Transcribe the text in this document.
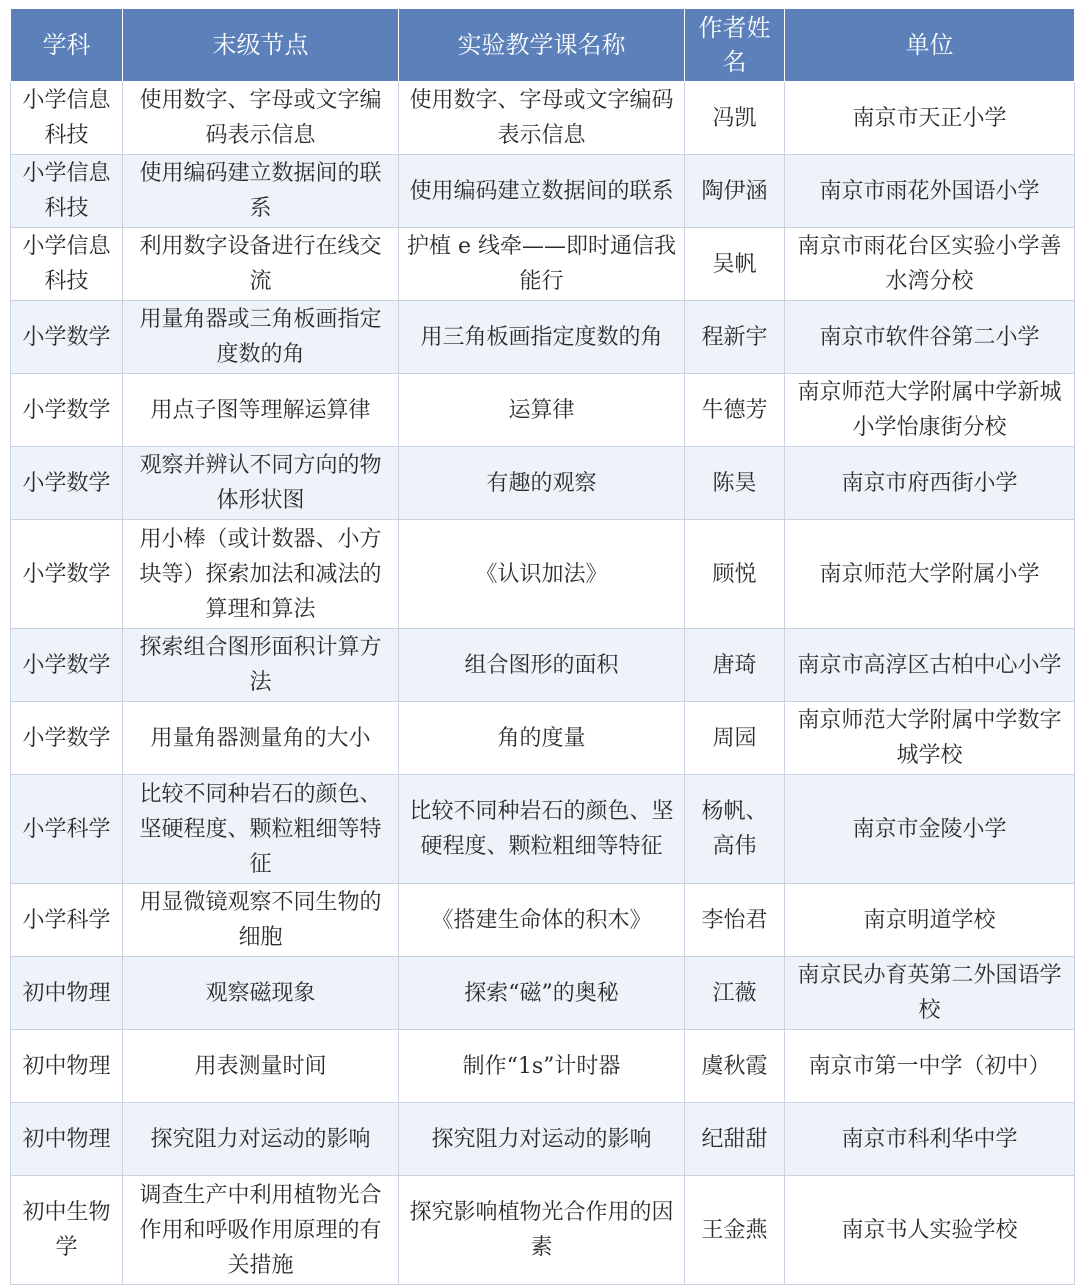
学科	末级节点	实验教学课名称	作者姓名	单位
小学信息科技	使用数字、字母或文字编码表示信息	使用数字、字母或文字编码表示信息	冯凯	南京市天正小学
小学信息科技	使用编码建立数据间的联系	使用编码建立数据间的联系	陶伊涵	南京市雨花外国语小学
小学信息科技	利用数字设备进行在线交流	护植 e 线牵——即时通信我能行	吴帆	南京市雨花台区实验小学善水湾分校
小学数学	用量角器或三角板画指定度数的角	用三角板画指定度数的角	程新宇	南京市软件谷第二小学
小学数学	用点子图等理解运算律	运算律	牛德芳	南京师范大学附属中学新城小学怡康街分校
小学数学	观察并辨认不同方向的物体形状图	有趣的观察	陈昊	南京市府西街小学
小学数学	用小棒（或计数器、小方块等）探索加法和减法的算理和算法	《认识加法》	顾悦	南京师范大学附属小学
小学数学	探索组合图形面积计算方法	组合图形的面积	唐琦	南京市高淳区古柏中心小学
小学数学	用量角器测量角的大小	角的度量	周园	南京师范大学附属中学数字城学校
小学科学	比较不同种岩石的颜色、坚硬程度、颗粒粗细等特征	比较不同种岩石的颜色、坚硬程度、颗粒粗细等特征	杨帆、高伟	南京市金陵小学
小学科学	用显微镜观察不同生物的细胞	《搭建生命体的积木》	李怡君	南京明道学校
初中物理	观察磁现象	探索“磁”的奥秘	江薇	南京民办育英第二外国语学校
初中物理	用表测量时间	制作“1s”计时器	虞秋霞	南京市第一中学（初中）
初中物理	探究阻力对运动的影响	探究阻力对运动的影响	纪甜甜	南京市科利华中学
初中生物学	调查生产中利用植物光合作用和呼吸作用原理的有关措施	探究影响植物光合作用的因素	王金燕	南京书人实验学校
